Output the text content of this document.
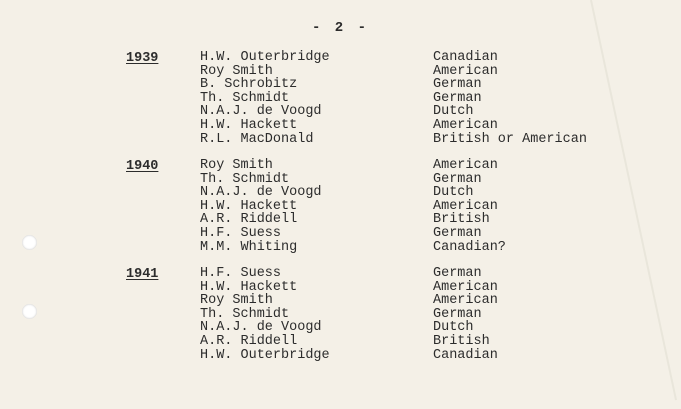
- 2 -
1939	H.W. Outerbridge	Canadian
Roy Smith	American
B. Schrobitz	German
Th. Schmidt	German
N.A.J. de Voogd	Dutch
H.W. Hackett	American
R.L. MacDonald	British or American
1940	Roy Smith	American
Th. Schmidt	German
N.A.J. de Voogd	Dutch
H.W. Hackett	American
A.R. Riddell	British
H.F. Suess	German
M.M. Whiting	Canadian?
1941	H.F. Suess	German
H.W. Hackett	American
Roy Smith	American
Th. Schmidt	German
N.A.J. de Voogd	Dutch
A.R. Riddell	British
H.W. Outerbridge	Canadian
